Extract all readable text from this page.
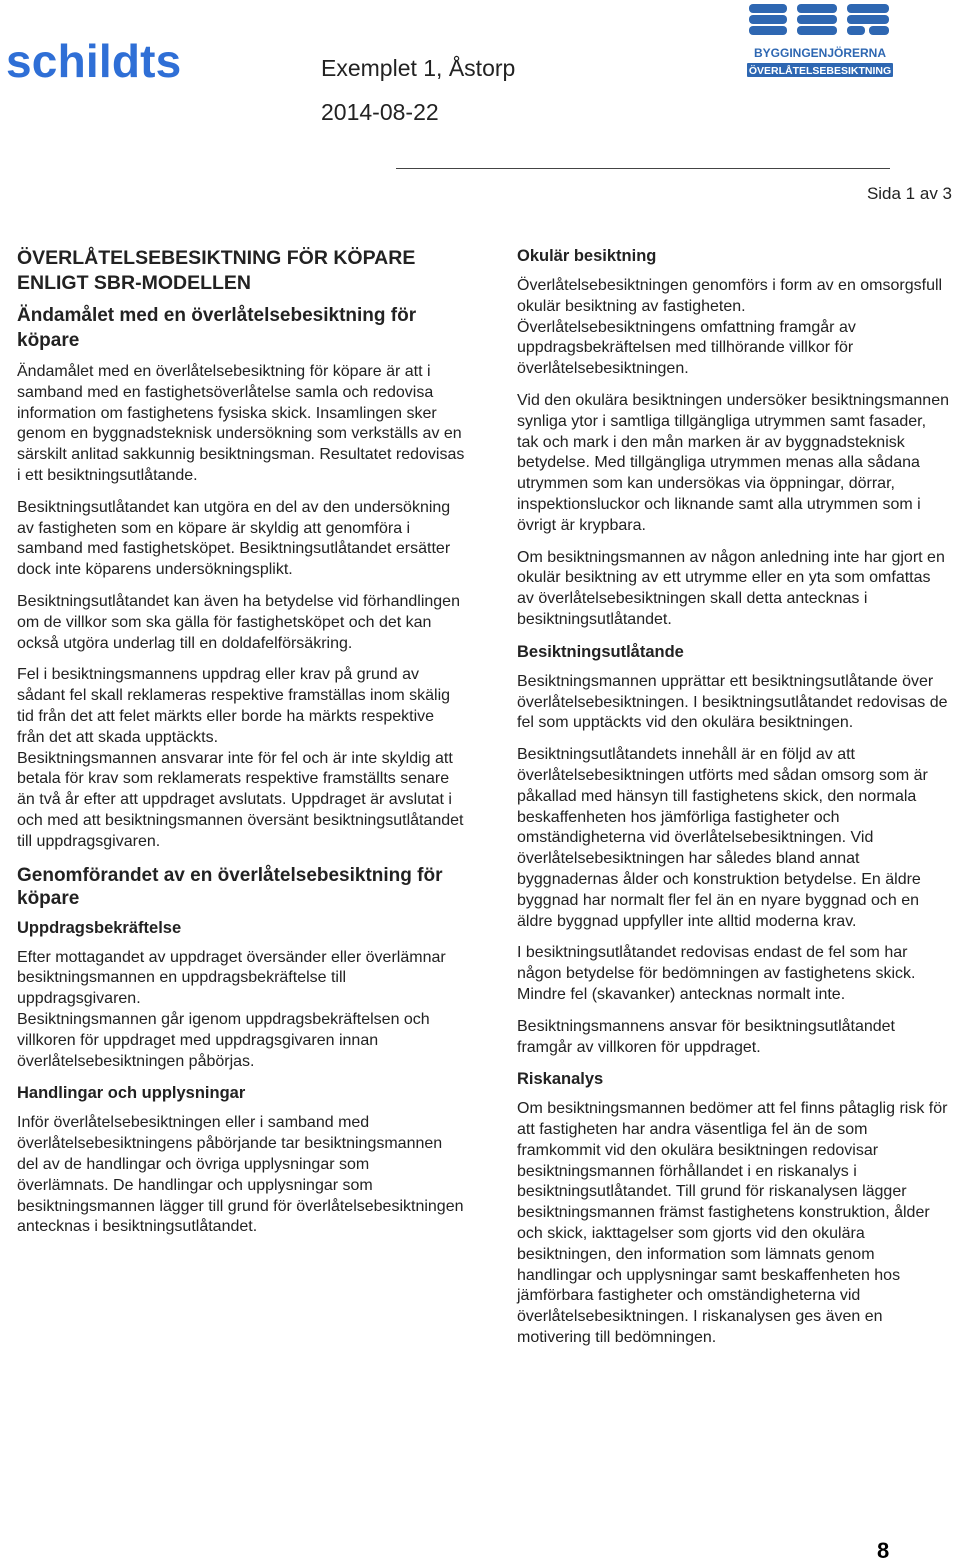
schildts	Exemplet 1, Åstorp
2014-08-22
BYGGINGENJÖRERNA
ÖVERLÅTELSEBESIKTNING
Sida 1 av 3
ÖVERLÅTELSEBESIKTNING FÖR KÖPARE ENLIGT SBR-MODELLEN
Ändamålet med en överlåtelsebesiktning för köpare
Ändamålet med en överlåtelsebesiktning för köpare är att i samband med en fastighetsöverlåtelse samla och redovisa information om fastighetens fysiska skick. Insamlingen sker genom en byggnadsteknisk undersökning som verkställs av en särskilt anlitad sakkunnig besiktningsman. Resultatet redovisas i ett besiktningsutlåtande.
Besiktningsutlåtandet kan utgöra en del av den undersökning av fastigheten som en köpare är skyldig att genomföra i samband med fastighetsköpet. Besiktningsutlåtandet ersätter dock inte köparens undersökningsplikt.
Besiktningsutlåtandet kan även ha betydelse vid förhandlingen om de villkor som ska gälla för fastighetsköpet och det kan också utgöra underlag till en doldafelförsäkring.
Fel i besiktningsmannens uppdrag eller krav på grund av sådant fel skall reklameras respektive framställas inom skälig tid från det att felet märkts eller borde ha märkts respektive från det att skada upptäckts.
Besiktningsmannen ansvarar inte för fel och är inte skyldig att betala för krav som reklamerats respektive framställts senare än två år efter att uppdraget avslutats. Uppdraget är avslutat i och med att besiktningsmannen översänt besiktningsutlåtandet till uppdragsgivaren.
Genomförandet av en överlåtelsebesiktning för köpare
Uppdragsbekräftelse
Efter mottagandet av uppdraget översänder eller överlämnar besiktningsmannen en uppdragsbekräftelse till uppdragsgivaren.
Besiktningsmannen går igenom uppdragsbekräftelsen och villkoren för uppdraget med uppdragsgivaren innan överlåtelsebesiktningen påbörjas.
Handlingar och upplysningar
Inför överlåtelsebesiktningen eller i samband med överlåtelsebesiktningens påbörjande tar besiktningsmannen del av de handlingar och övriga upplysningar som överlämnats. De handlingar och upplysningar som besiktningsmannen lägger till grund för överlåtelsebesiktningen antecknas i besiktningsutlåtandet.
Okulär besiktning
Överlåtelsebesiktningen genomförs i form av en omsorgsfull okulär besiktning av fastigheten.
Överlåtelsebesiktningens omfattning framgår av uppdragsbekräftelsen med tillhörande villkor för överlåtelsebesiktningen.
Vid den okulära besiktningen undersöker besiktningsmannen synliga ytor i samtliga tillgängliga utrymmen samt fasader, tak och mark i den mån marken är av byggnadsteknisk betydelse. Med tillgängliga utrymmen menas alla sådana utrymmen som kan undersökas via öppningar, dörrar, inspektionsluckor och liknande samt alla utrymmen som i övrigt är krypbara.
Om besiktningsmannen av någon anledning inte har gjort en okulär besiktning av ett utrymme eller en yta som omfattas av överlåtelsebesiktningen skall detta antecknas i besiktningsutlåtandet.
Besiktningsutlåtande
Besiktningsmannen upprättar ett besiktningsutlåtande över överlåtelsebesiktningen. I besiktningsutlåtandet redovisas de fel som upptäckts vid den okulära besiktningen.
Besiktningsutlåtandets innehåll är en följd av att överlåtelsebesiktningen utförts med sådan omsorg som är påkallad med hänsyn till fastighetens skick, den normala beskaffenheten hos jämförliga fastigheter och omständigheterna vid överlåtelsebesiktningen. Vid överlåtelsebesiktningen har således bland annat byggnadernas ålder och konstruktion betydelse. En äldre byggnad har normalt fler fel än en nyare byggnad och en äldre byggnad uppfyller inte alltid moderna krav.
I besiktningsutlåtandet redovisas endast de fel som har någon betydelse för bedömningen av fastighetens skick. Mindre fel (skavanker) antecknas normalt inte.
Besiktningsmannens ansvar för besiktningsutlåtandet framgår av villkoren för uppdraget.
Riskanalys
Om besiktningsmannen bedömer att fel finns påtaglig risk för att fastigheten har andra väsentliga fel än de som framkommit vid den okulära besiktningen redovisar besiktningsmannen förhållandet i en riskanalys i besiktningsutlåtandet. Till grund för riskanalysen lägger besiktningsmannen främst fastighetens konstruktion, ålder och skick, iakttagelser som gjorts vid den okulära besiktningen, den information som lämnats genom handlingar och upplysningar samt beskaffenheten hos jämförbara fastigheter och omständigheterna vid överlåtelsebesiktningen. I riskanalysen ges även en motivering till bedömningen.
8
